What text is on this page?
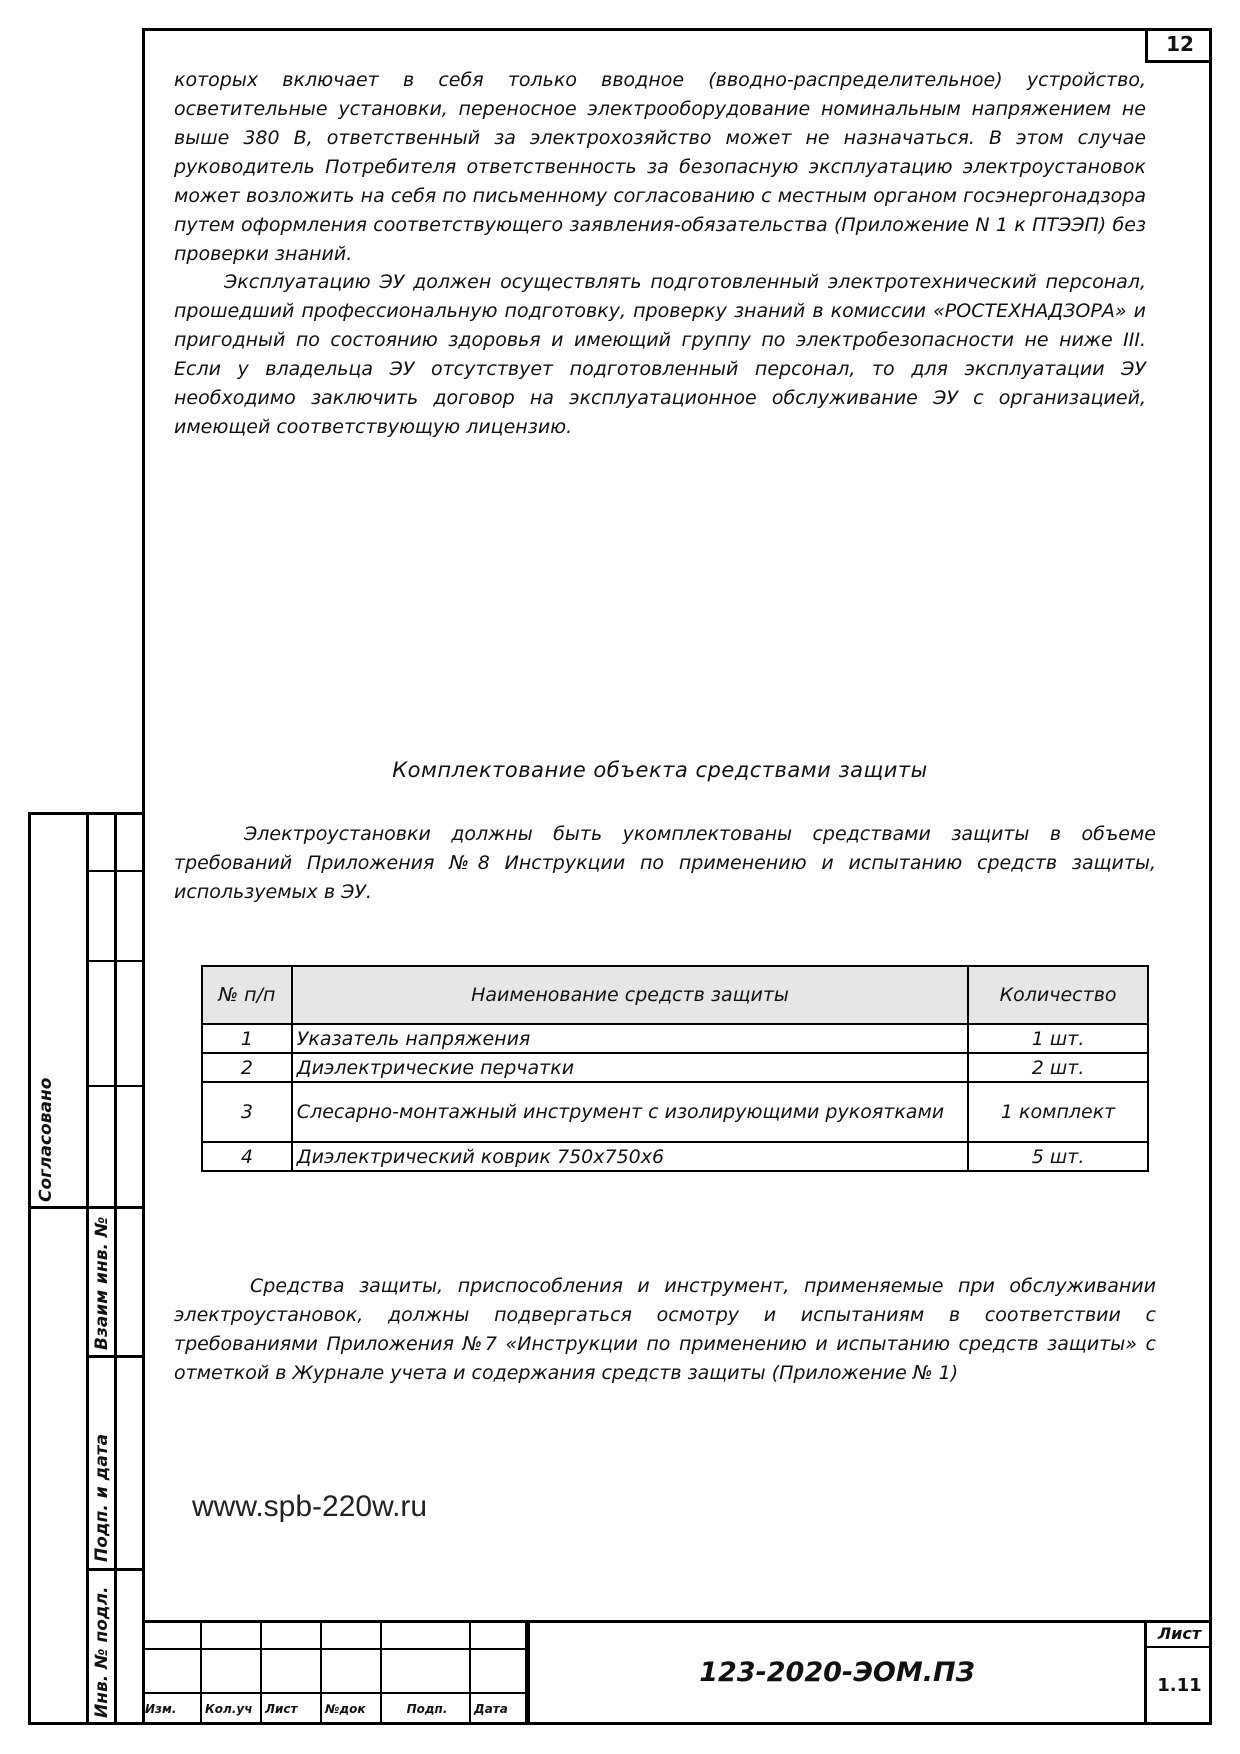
12
которых включает в себя только вводное (вводно-распределительное) устройство, осветительные установки, переносное электрооборудование номинальным напряжением не выше 380 В, ответственный за электрохозяйство может не назначаться. В этом случае руководитель Потребителя ответственность за безопасную эксплуатацию электроустановок может возложить на себя по письменному согласованию с местным органом госэнергонадзора путем оформления соответствующего заявления-обязательства (Приложение N 1 к ПТЭЭП) без проверки знаний.
Эксплуатацию ЭУ должен осуществлять подготовленный электротехнический персонал, прошедший профессиональную подготовку, проверку знаний в комиссии «РОСТЕХНАДЗОРА» и пригодный по состоянию здоровья и имеющий группу по электробезопасности не ниже III. Если у владельца ЭУ отсутствует подготовленный персонал, то для эксплуатации ЭУ необходимо заключить договор на эксплуатационное обслуживание ЭУ с организацией, имеющей соответствующую лицензию.
Комплектование объекта средствами защиты
Электроустановки должны быть укомплектованы средствами защиты в объеме требований Приложения №8 Инструкции по применению и испытанию средств защиты, используемых в ЭУ.
№ п/п	Наименование средств защиты	Количество
1	Указатель напряжения	1 шт.
2	Диэлектрические перчатки	2 шт.
3	Слесарно-монтажный инструмент с изолирующими рукоятками	1 комплект
4	Диэлектрический коврик 750х750х6	5 шт.
Средства защиты, приспособления и инструмент, применяемые при обслуживании электроустановок, должны подвергаться осмотру и испытаниям в соответствии с требованиями Приложения №7 «Инструкции по применению и испытанию средств защиты» с отметкой в Журнале учета и содержания средств защиты (Приложение № 1)
www.spb-220w.ru
Согласовано
Взаим инв. №
Подп. и дата
Инв. № подл.	Изм.	Кол.уч	Лист	№док	Подп.	Дата
123-2020-ЭОМ.ПЗ
Лист
1.11
